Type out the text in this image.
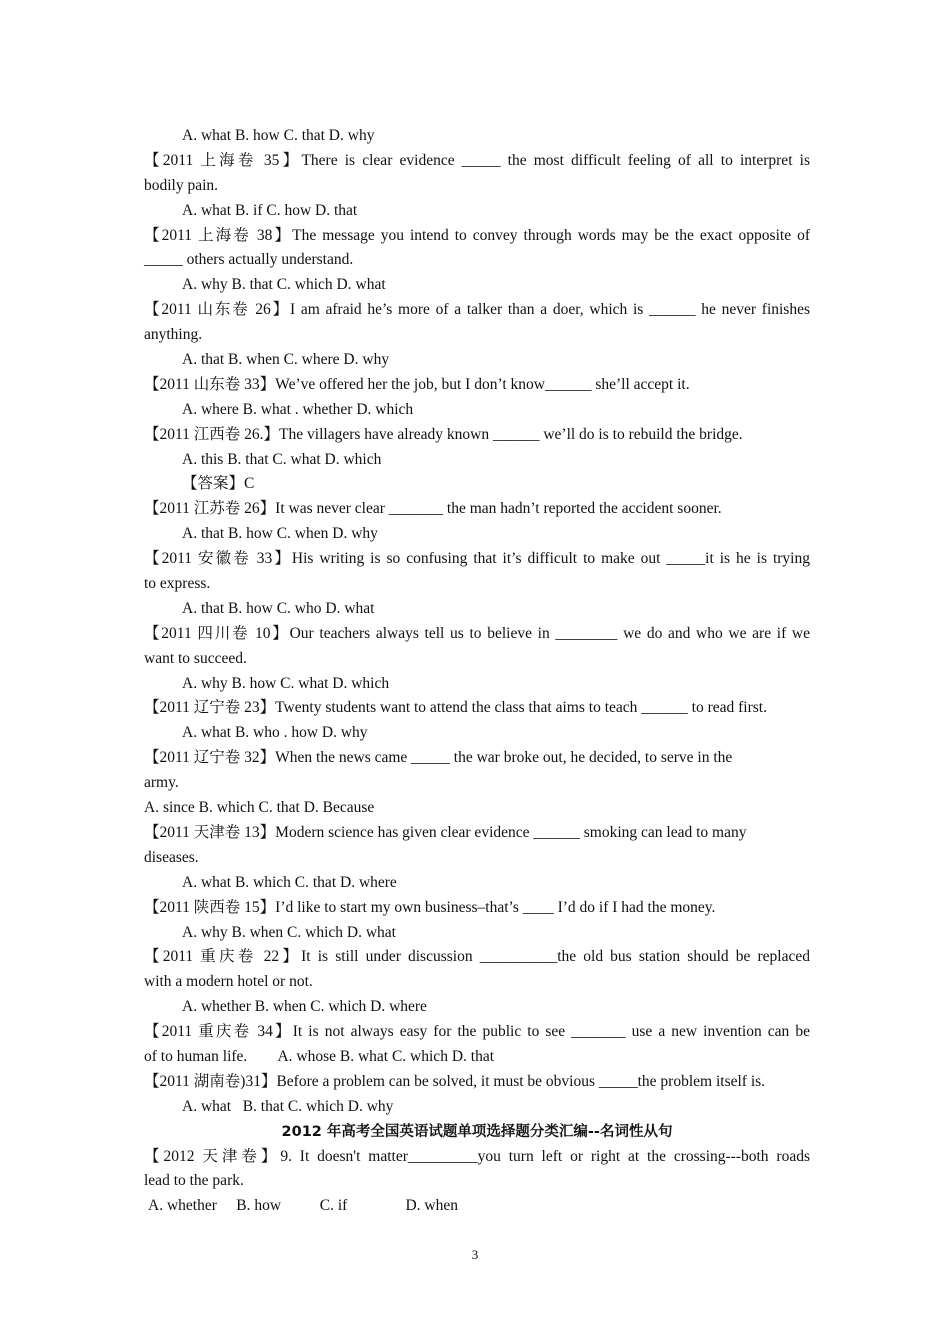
A. what B. how C. that D. why
【2011 上海卷 35】There is clear evidence _____ the most difficult feeling of all to interpret is
bodily pain.
A. what B. if C. how D. that
【2011 上海卷 38】The message you intend to convey through words may be the exact opposite of
_____ others actually understand.
A. why B. that C. which D. what
【2011 山东卷 26】I am afraid he’s more of a talker than a doer, which is ______ he never finishes
anything.
A. that B. when C. where D. why
【2011 山东卷 33】We’ve offered her the job, but I don’t know______ she’ll accept it.
A. where B. what . whether D. which
【2011 江西卷 26.】The villagers have already known ______ we’ll do is to rebuild the bridge.
A. this B. that C. what D. which
【答案】C
【2011 江苏卷 26】It was never clear _______ the man hadn’t reported the accident sooner.
A. that B. how C. when D. why
【2011 安徽卷 33】His writing is so confusing that it’s difficult to make out _____it is he is trying
to express.
A. that B. how C. who D. what
【2011 四川卷 10】Our teachers always tell us to believe in ________ we do and who we are if we
want to succeed.
A. why B. how C. what D. which
【2011 辽宁卷 23】Twenty students want to attend the class that aims to teach ______ to read first.
A. what B. who . how D. why
【2011 辽宁卷 32】When the news came _____ the war broke out, he decided, to serve in the
army.
A. since B. which C. that D. Because
【2011 天津卷 13】Modern science has given clear evidence ______ smoking can lead to many
diseases.
A. what B. which C. that D. where
【2011 陕西卷 15】I’d like to start my own business–that’s ____ I’d do if I had the money.
A. why B. when C. which D. what
【2011 重庆卷 22】It is still under discussion __________the old bus station should be replaced
with a modern hotel or not.
A. whether B. when C. which D. where
【2011 重庆卷 34】It is not always easy for the public to see _______ use a new invention can be
of to human life.        A. whose B. what C. which D. that
【2011 湖南卷)31】Before a problem can be solved, it must be obvious _____the problem itself is.
A. what   B. that C. which D. why
2012 年高考全国英语试题单项选择题分类汇编--名词性从句
【2012 天津卷】9. It doesn't matter_________you turn left or right at the crossing---both roads
lead to the park.
A. whether     B. how          C. if               D. when
3
